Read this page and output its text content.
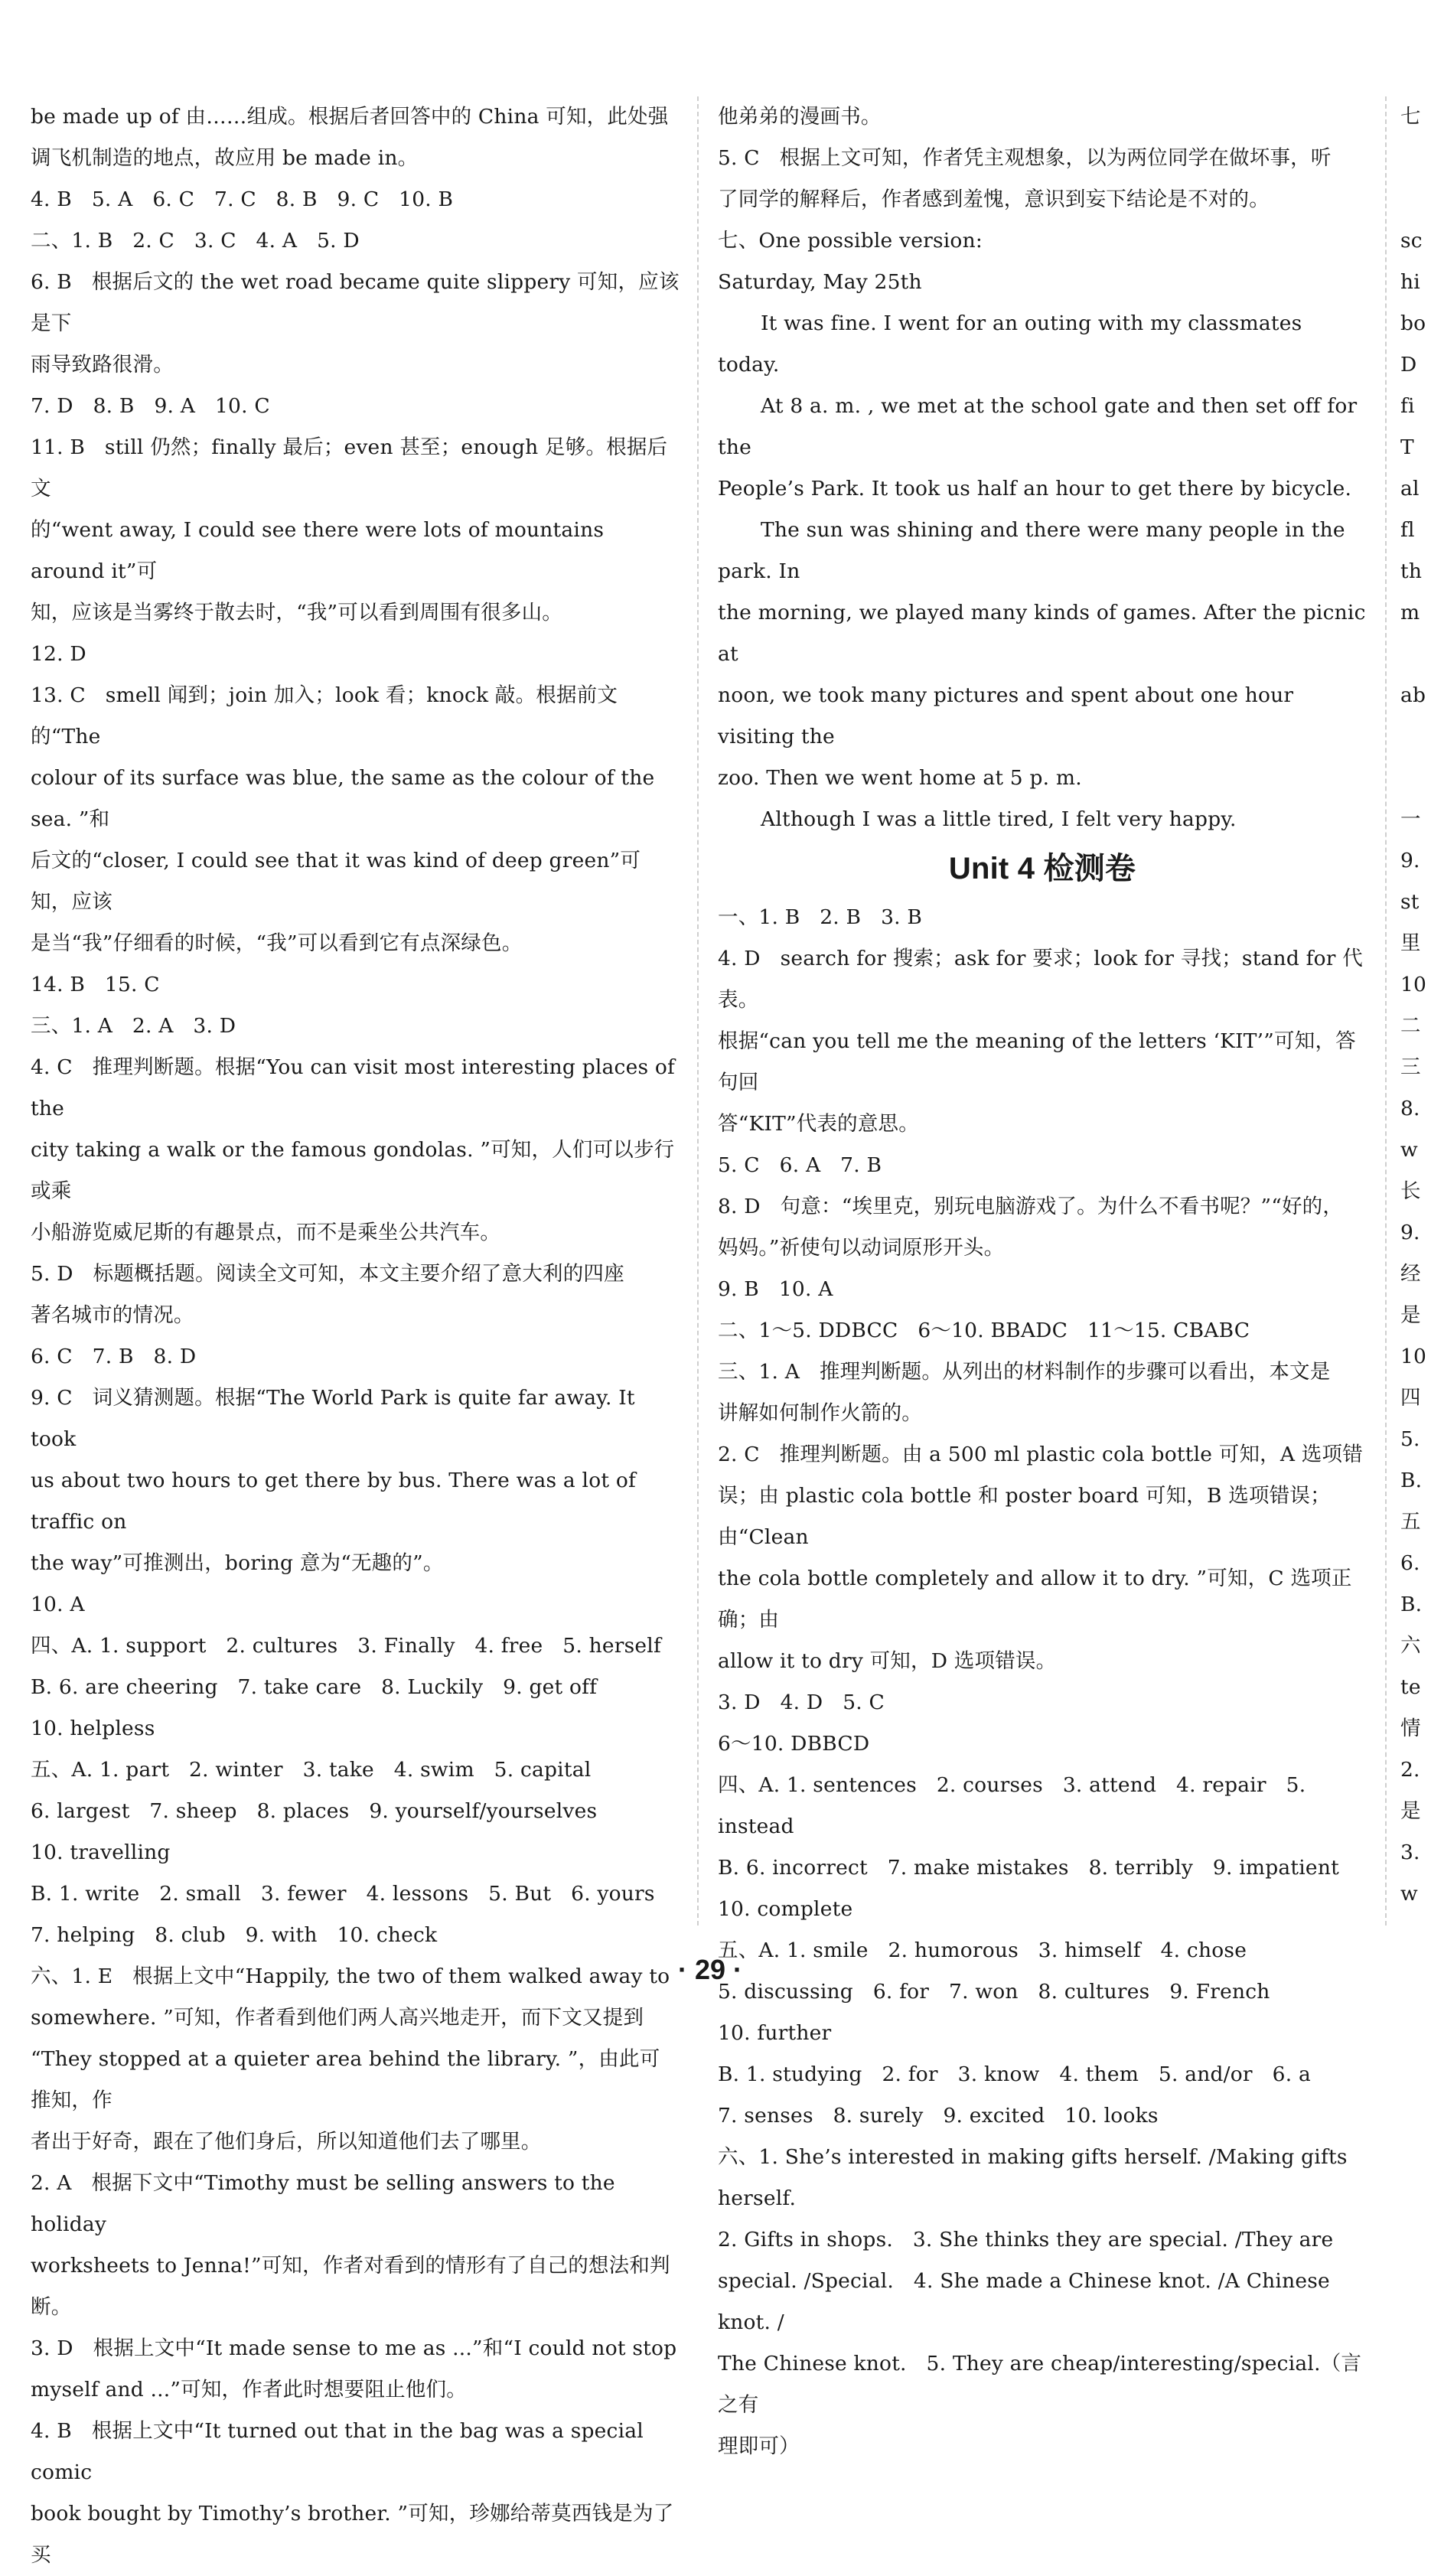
be made up of 由……组成。根据后者回答中的 China 可知，此处强

调飞机制造的地点，故应用 be made in。

4. B   5. A   6. C   7. C   8. B   9. C   10. B

二、1. B   2. C   3. C   4. A   5. D

6. B   根据后文的 the wet road became quite slippery 可知，应该是下

雨导致路很滑。

7. D   8. B   9. A   10. C

11. B   still 仍然；finally 最后；even 甚至；enough 足够。根据后文

的“went away, I could see there were lots of mountains around it”可

知，应该是当雾终于散去时，“我”可以看到周围有很多山。

12. D

13. C   smell 闻到；join 加入；look 看；knock 敲。根据前文的“The

colour of its surface was blue, the same as the colour of the sea. ”和

后文的“closer, I could see that it was kind of deep green”可知，应该

是当“我”仔细看的时候，“我”可以看到它有点深绿色。

14. B   15. C

三、1. A   2. A   3. D

4. C   推理判断题。根据“You can visit most interesting places of the

city taking a walk or the famous gondolas. ”可知，人们可以步行或乘

小船游览威尼斯的有趣景点，而不是乘坐公共汽车。

5. D   标题概括题。阅读全文可知，本文主要介绍了意大利的四座

著名城市的情况。

6. C   7. B   8. D

9. C   词义猜测题。根据“The World Park is quite far away. It took

us about two hours to get there by bus. There was a lot of traffic on

the way”可推测出，boring 意为“无趣的”。

10. A

四、A. 1. support   2. cultures   3. Finally   4. free   5. herself

B. 6. are cheering   7. take care   8. Luckily   9. get off

10. helpless

五、A. 1. part   2. winter   3. take   4. swim   5. capital

6. largest   7. sheep   8. places   9. yourself/yourselves

10. travelling

B. 1. write   2. small   3. fewer   4. lessons   5. But   6. yours

7. helping   8. club   9. with   10. check

六、1. E   根据上文中“Happily, the two of them walked away to

somewhere. ”可知，作者看到他们两人高兴地走开，而下文又提到

“They stopped at a quieter area behind the library. ”，由此可推知，作

者出于好奇，跟在了他们身后，所以知道他们去了哪里。

2. A   根据下文中“Timothy must be selling answers to the holiday

worksheets to Jenna!”可知，作者对看到的情形有了自己的想法和判断。

3. D   根据上文中“It made sense to me as ...”和“I could not stop

myself and ...”可知，作者此时想要阻止他们。

4. B   根据上文中“It turned out that in the bag was a special comic

book bought by Timothy’s brother. ”可知，珍娜给蒂莫西钱是为了买

他弟弟的漫画书。

5. C   根据上文可知，作者凭主观想象，以为两位同学在做坏事，听

了同学的解释后，作者感到羞愧，意识到妄下结论是不对的。

七、One possible version:

Saturday, May 25th

It was fine. I went for an outing with my classmates today.

At 8 a. m. , we met at the school gate and then set off for the

People’s Park. It took us half an hour to get there by bicycle.

The sun was shining and there were many people in the park. In

the morning, we played many kinds of games. After the picnic at

noon, we took many pictures and spent about one hour visiting the

zoo. Then we went home at 5 p. m.

Although I was a little tired, I felt very happy.

Unit 4 检测卷

一、1. B   2. B   3. B

4. D   search for 搜索；ask for 要求；look for 寻找；stand for 代表。

根据“can you tell me the meaning of the letters ‘KIT’”可知，答句回

答“KIT”代表的意思。

5. C   6. A   7. B

8. D   句意：“埃里克，别玩电脑游戏了。为什么不看书呢？”“好的，

妈妈。”祈使句以动词原形开头。

9. B   10. A

二、1～5. DDBCC   6～10. BBADC   11～15. CBABC

三、1. A   推理判断题。从列出的材料制作的步骤可以看出，本文是

讲解如何制作火箭的。

2. C   推理判断题。由 a 500 ml plastic cola bottle 可知，A 选项错

误；由 plastic cola bottle 和 poster board 可知，B 选项错误；由“Clean

the cola bottle completely and allow it to dry. ”可知，C 选项正确；由

allow it to dry 可知，D 选项错误。

3. D   4. D   5. C

6～10. DBBCD

四、A. 1. sentences   2. courses   3. attend   4. repair   5. instead

B. 6. incorrect   7. make mistakes   8. terribly   9. impatient

10. complete

五、A. 1. smile   2. humorous   3. himself   4. chose

5. discussing   6. for   7. won   8. cultures   9. French

10. further

B. 1. studying   2. for   3. know   4. them   5. and/or   6. a

7. senses   8. surely   9. excited   10. looks

六、1. She’s interested in making gifts herself. /Making gifts herself.

2. Gifts in shops.   3. She thinks they are special. /They are

special. /Special.   4. She made a Chinese knot. /A Chinese knot. /

The Chinese knot.   5. They are cheap/interesting/special.（言之有

理即可）

七

sc

hi

bo

D

fi

T

al

fl

th

m

ab

一

9.

st

里

10

二

三

8.

w

长

9.

经

是

10

四

5.

B.

五

6.

B.

六

te

情

2.

是

3.

w

· 29 ·
